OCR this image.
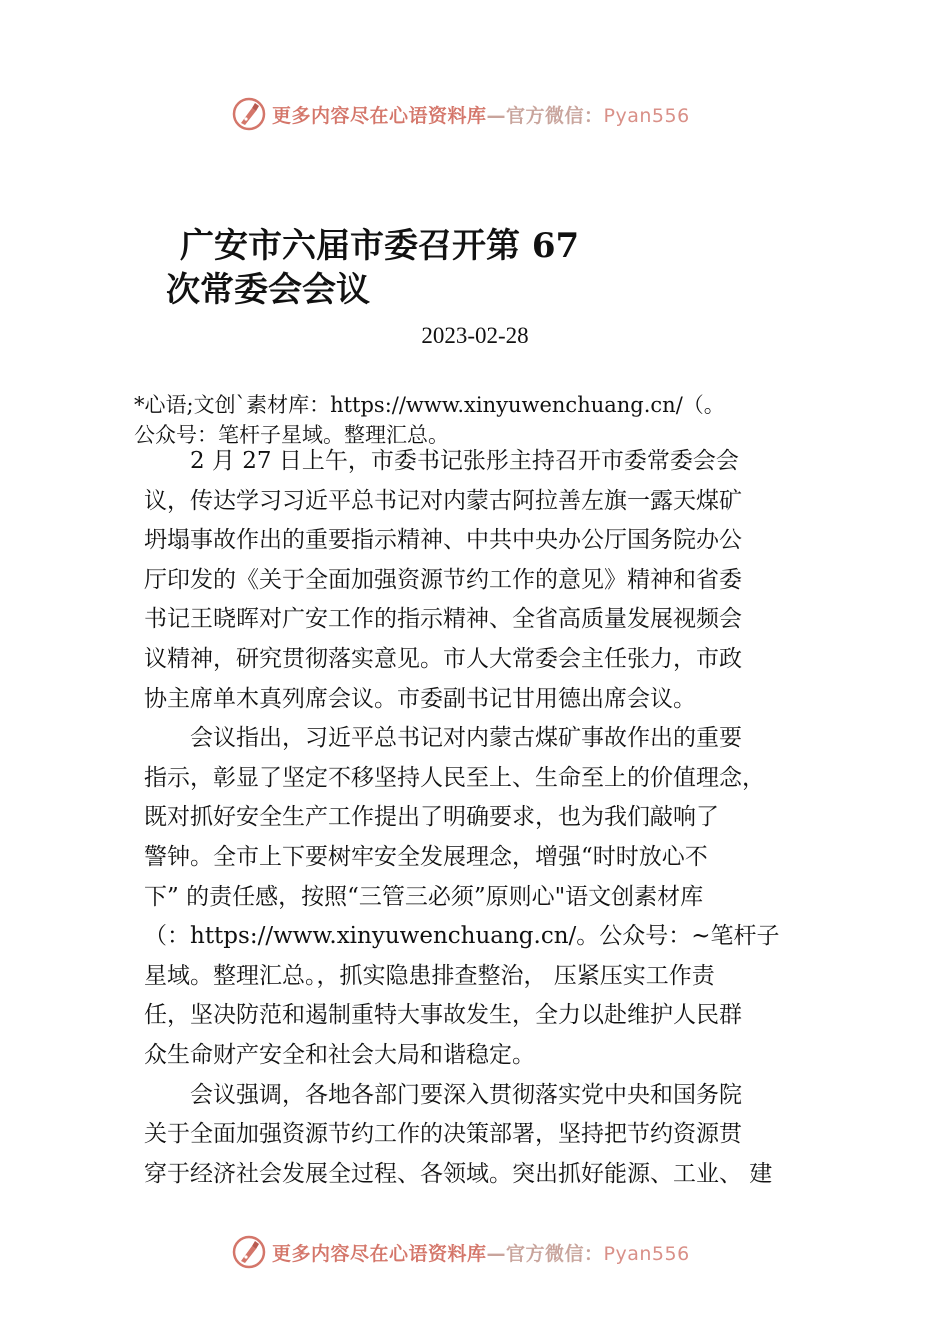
更多内容尽在心语资料库—官方微信：Pyan556
广安市六届市委召开第 67
次常委会会议
2023-02-28

*心语;文创`素材库：https://www.xinyuwenchuang.cn/（。
公众号：笔杆子星域。整理汇总。

　　2 月 27 日上午，市委书记张彤主持召开市委常委会会
议，传达学习习近平总书记对内蒙古阿拉善左旗一露天煤矿
坍塌事故作出的重要指示精神、中共中央办公厅国务院办公
厅印发的《关于全面加强资源节约工作的意见》精神和省委
书记王晓晖对广安工作的指示精神、全省高质量发展视频会
议精神，研究贯彻落实意见。市人大常委会主任张力，市政
协主席单木真列席会议。市委副书记甘用德出席会议。

　　会议指出，习近平总书记对内蒙古煤矿事故作出的重要
指示，彰显了坚定不移坚持人民至上、生命至上的价值理念，
既对抓好安全生产工作提出了明确要求，也为我们敲响了
警钟。全市上下要树牢安全发展理念，增强“时时放心不
下” 的责任感，按照“三管三必须”原则心"语文创素材库
（：https://www.xinyuwenchuang.cn/。公众号：~笔杆子
星域。整理汇总。，抓实隐患排查整治， 压紧压实工作责
任，坚决防范和遏制重特大事故发生，全力以赴维护人民群
众生命财产安全和社会大局和谐稳定。

　　会议强调，各地各部门要深入贯彻落实党中央和国务院
关于全面加强资源节约工作的决策部署，坚持把节约资源贯
穿于经济社会发展全过程、各领域。突出抓好能源、工业、 建

更多内容尽在心语资料库—官方微信：Pyan556
